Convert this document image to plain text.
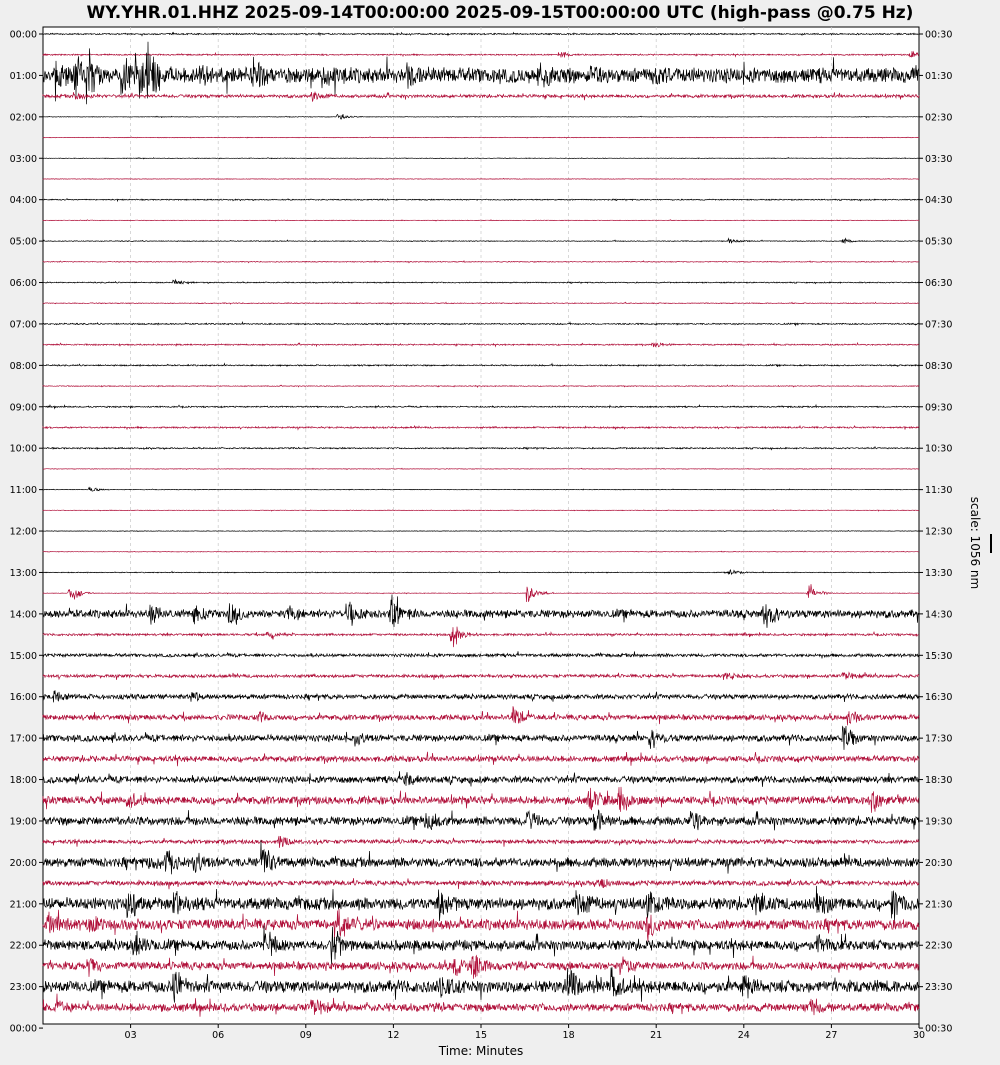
WY.YHR.01.HHZ 2025-09-14T00:00:00 2025-09-15T00:00:00 UTC (high-pass @0.75 Hz)
00:00
01:00
02:00
03:00
04:00
05:00
06:00
07:00
08:00
09:00
10:00
11:00
12:00
13:00
14:00
15:00
16:00
17:00
18:00
19:00
20:00
21:00
22:00
23:00
00:00
00:30
01:30
02:30
03:30
04:30
05:30
06:30
07:30
08:30
09:30
10:30
11:30
12:30
13:30
14:30
15:30
16:30
17:30
18:30
19:30
20:30
21:30
22:30
23:30
00:30
03	06	09	12	15	18	21	24	27	30
Time: Minutes
scale: 1056 nm
